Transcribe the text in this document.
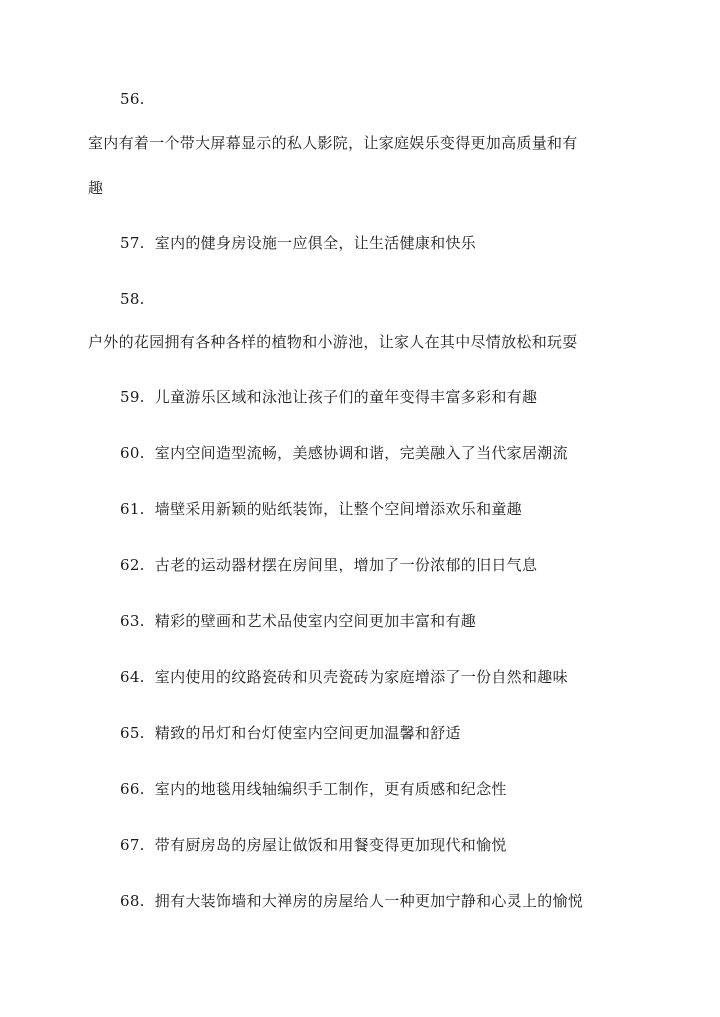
56.
室内有着一个带大屏幕显示的私人影院，让家庭娱乐变得更加高质量和有
趣
57. 室内的健身房设施一应俱全，让生活健康和快乐
58.
户外的花园拥有各种各样的植物和小游池，让家人在其中尽情放松和玩耍
59. 儿童游乐区域和泳池让孩子们的童年变得丰富多彩和有趣
60. 室内空间造型流畅，美感协调和谐，完美融入了当代家居潮流
61. 墙壁采用新颖的贴纸装饰，让整个空间增添欢乐和童趣
62. 古老的运动器材摆在房间里，增加了一份浓郁的旧日气息
63. 精彩的壁画和艺术品使室内空间更加丰富和有趣
64. 室内使用的纹路瓷砖和贝壳瓷砖为家庭增添了一份自然和趣味
65. 精致的吊灯和台灯使室内空间更加温馨和舒适
66. 室内的地毯用线轴编织手工制作，更有质感和纪念性
67. 带有厨房岛的房屋让做饭和用餐变得更加现代和愉悦
68. 拥有大装饰墙和大禅房的房屋给人一种更加宁静和心灵上的愉悦
